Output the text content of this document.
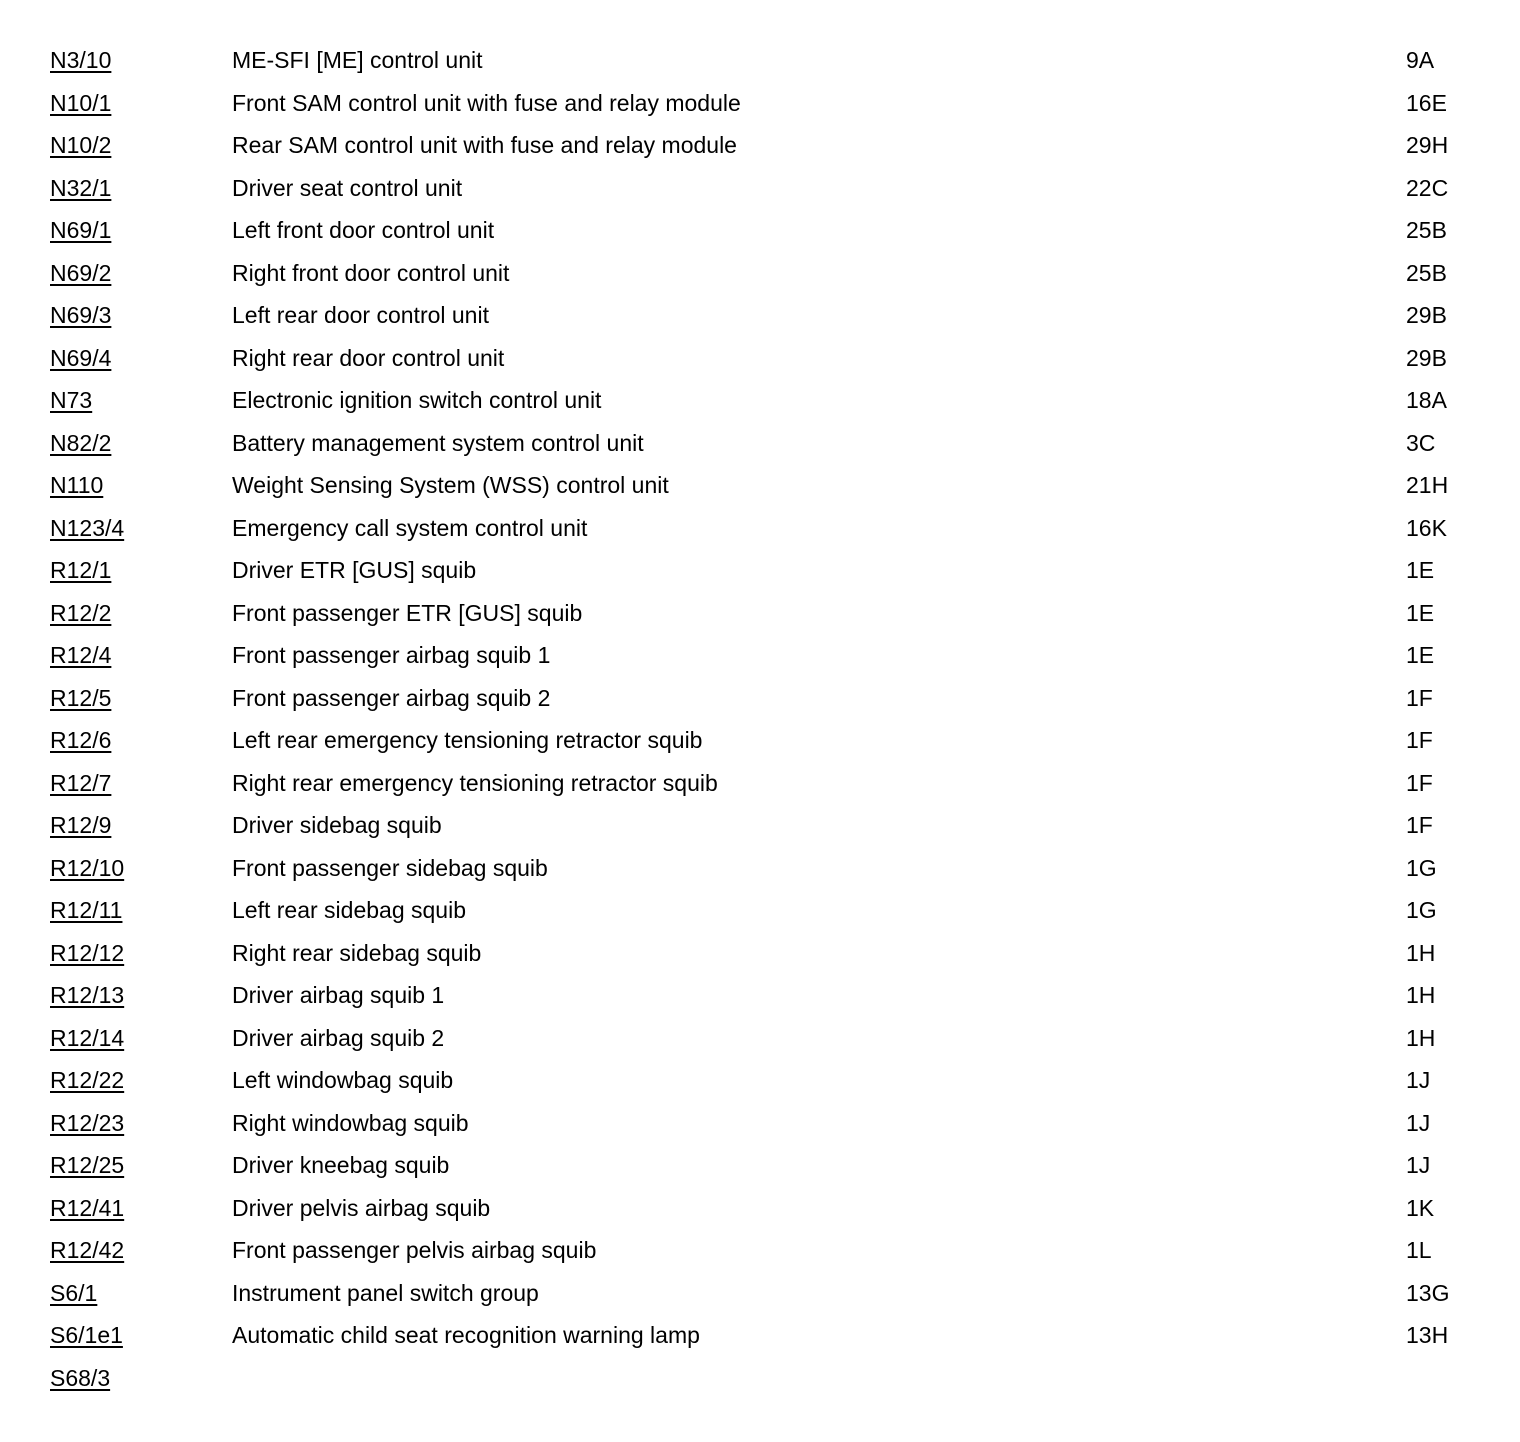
N3/10	ME-SFI [ME] control unit	9A
N10/1	Front SAM control unit with fuse and relay module	16E
N10/2	Rear SAM control unit with fuse and relay module	29H
N32/1	Driver seat control unit	22C
N69/1	Left front door control unit	25B
N69/2	Right front door control unit	25B
N69/3	Left rear door control unit	29B
N69/4	Right rear door control unit	29B
N73	Electronic ignition switch control unit	18A
N82/2	Battery management system control unit	3C
N110	Weight Sensing System (WSS) control unit	21H
N123/4	Emergency call system control unit	16K
R12/1	Driver ETR [GUS] squib	1E
R12/2	Front passenger ETR [GUS] squib	1E
R12/4	Front passenger airbag squib 1	1E
R12/5	Front passenger airbag squib 2	1F
R12/6	Left rear emergency tensioning retractor squib	1F
R12/7	Right rear emergency tensioning retractor squib	1F
R12/9	Driver sidebag squib	1F
R12/10	Front passenger sidebag squib	1G
R12/11	Left rear sidebag squib	1G
R12/12	Right rear sidebag squib	1H
R12/13	Driver airbag squib 1	1H
R12/14	Driver airbag squib 2	1H
R12/22	Left windowbag squib	1J
R12/23	Right windowbag squib	1J
R12/25	Driver kneebag squib	1J
R12/41	Driver pelvis airbag squib	1K
R12/42	Front passenger pelvis airbag squib	1L
S6/1	Instrument panel switch group	13G
S6/1e1	Automatic child seat recognition warning lamp	13H
S68/3
